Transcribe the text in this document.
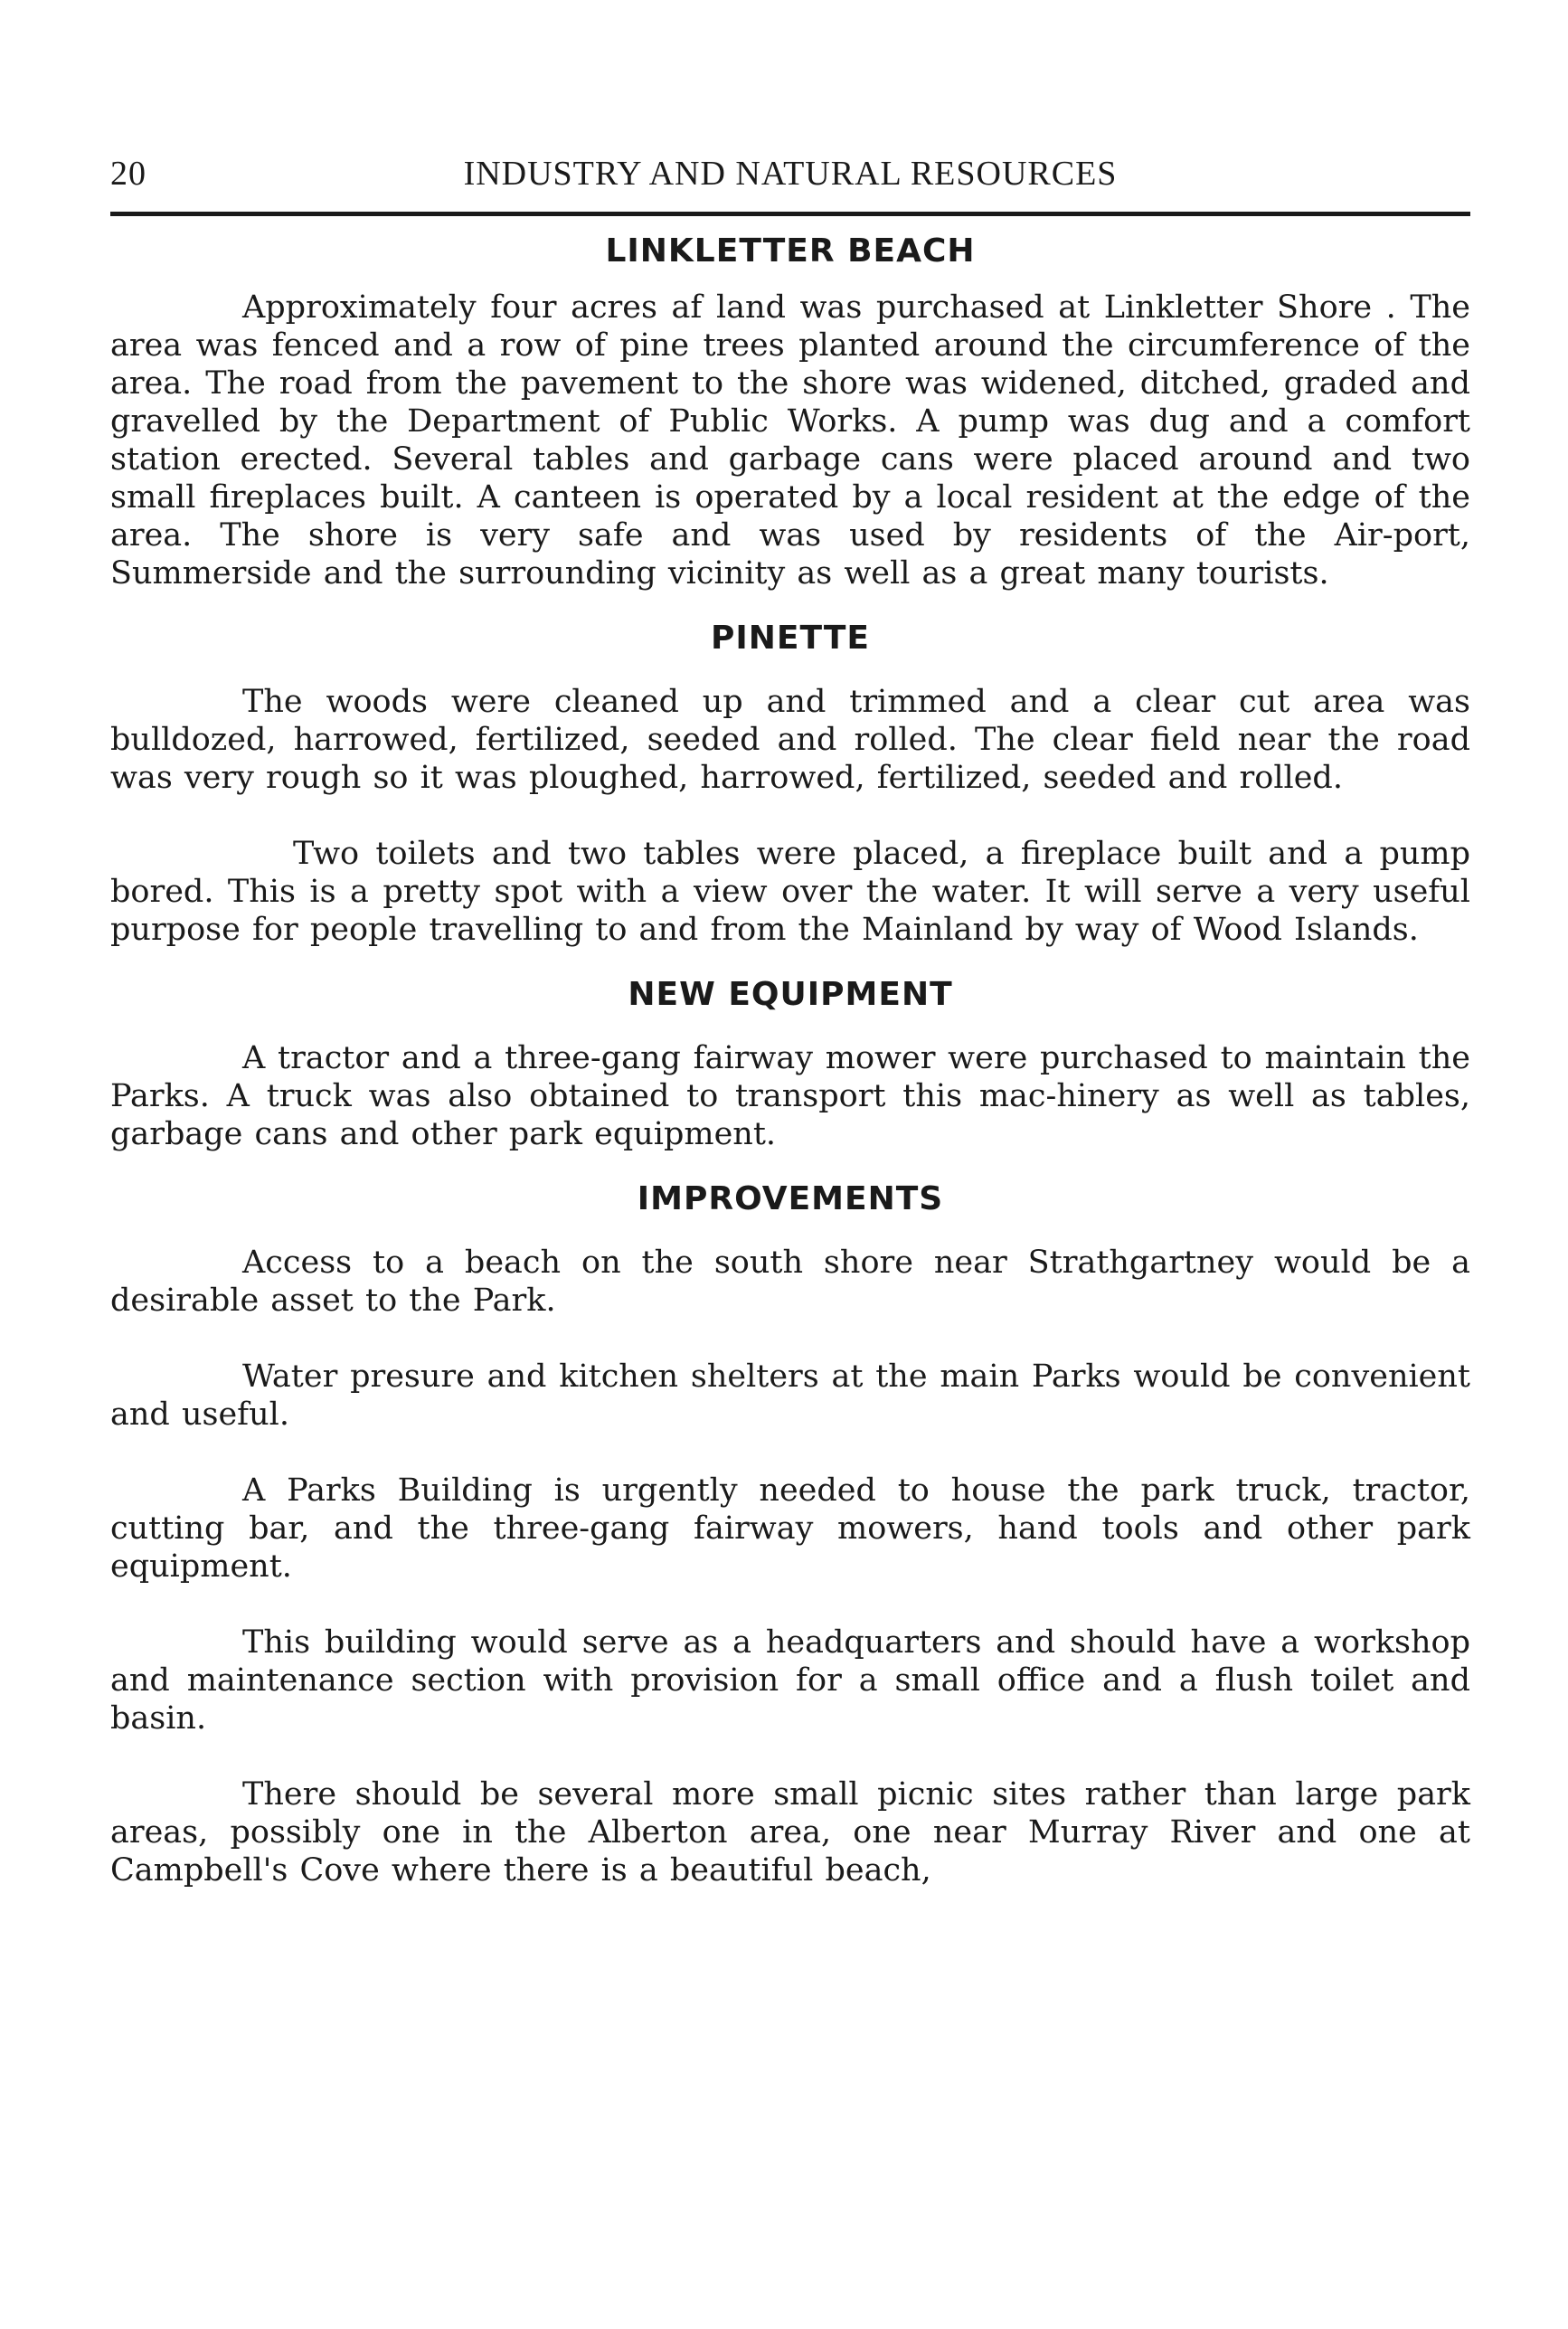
20	INDUSTRY AND NATURAL RESOURCES
LINKLETTER BEACH

Approximately four acres af land was purchased at Linkletter Shore . The area was fenced and a row of pine trees planted around the circumference of the area. The road from the pavement to the shore was widened, ditched, graded and gravelled by the Department of Public Works. A pump was dug and a comfort station erected. Several tables and garbage cans were placed around and two small fireplaces built. A canteen is operated by a local resident at the edge of the area. The shore is very safe and was used by residents of the Air-port, Summerside and the surrounding vicinity as well as a great many tourists.

PINETTE

The woods were cleaned up and trimmed and a clear cut area was bulldozed, harrowed, fertilized, seeded and rolled. The clear field near the road was very rough so it was ploughed, harrowed, fertilized, seeded and rolled.

Two toilets and two tables were placed, a fireplace built and a pump bored. This is a pretty spot with a view over the water. It will serve a very useful purpose for people travelling to and from the Mainland by way of Wood Islands.

NEW EQUIPMENT

A tractor and a three-gang fairway mower were purchased to maintain the Parks. A truck was also obtained to transport this mac-hinery as well as tables, garbage cans and other park equipment.

IMPROVEMENTS

Access to a beach on the south shore near Strathgartney would be a desirable asset to the Park.

Water presure and kitchen shelters at the main Parks would be convenient and useful.

A Parks Building is urgently needed to house the park truck, tractor, cutting bar, and the three-gang fairway mowers, hand tools and other park equipment.

This building would serve as a headquarters and should have a workshop and maintenance section with provision for a small office and a flush toilet and basin.

There should be several more small picnic sites rather than large park areas, possibly one in the Alberton area, one near Murray River and one at Campbell's Cove where there is a beautiful beach,
